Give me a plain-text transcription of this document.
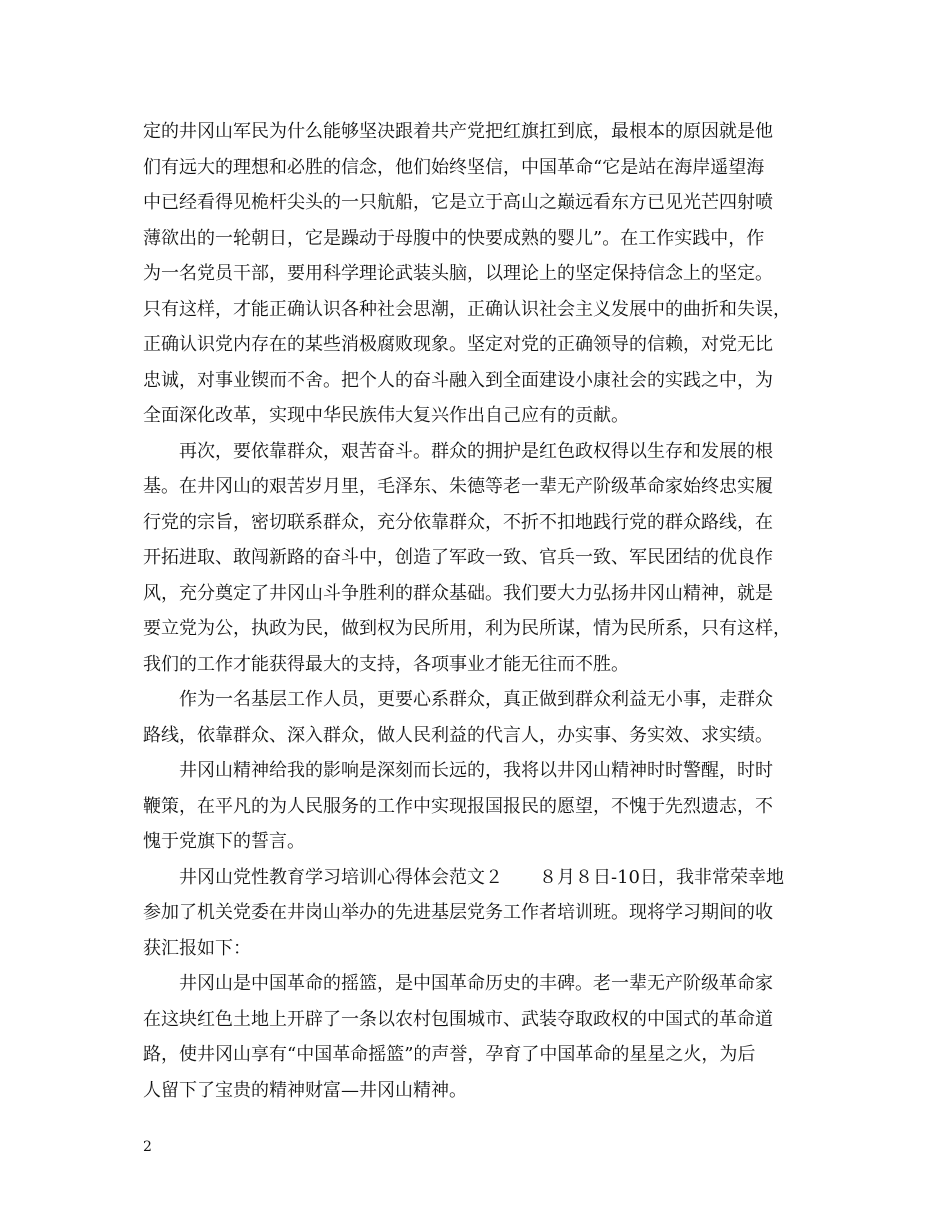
定的井冈山军民为什么能够坚决跟着共产党把红旗扛到底，最根本的原因就是他
们有远大的理想和必胜的信念，他们始终坚信，中国革命“它是站在海岸遥望海
中已经看得见桅杆尖头的一只航船，它是立于高山之巅远看东方已见光芒四射喷
薄欲出的一轮朝日，它是躁动于母腹中的快要成熟的婴儿”。在工作实践中，作
为一名党员干部，要用科学理论武装头脑，以理论上的坚定保持信念上的坚定。
只有这样，才能正确认识各种社会思潮，正确认识社会主义发展中的曲折和失误，
正确认识党内存在的某些消极腐败现象。坚定对党的正确领导的信赖，对党无比
忠诚，对事业锲而不舍。把个人的奋斗融入到全面建设小康社会的实践之中，为
全面深化改革，实现中华民族伟大复兴作出自己应有的贡献。
　　再次，要依靠群众，艰苦奋斗。群众的拥护是红色政权得以生存和发展的根
基。在井冈山的艰苦岁月里，毛泽东、朱德等老一辈无产阶级革命家始终忠实履
行党的宗旨，密切联系群众，充分依靠群众，不折不扣地践行党的群众路线，在
开拓进取、敢闯新路的奋斗中，创造了军政一致、官兵一致、军民团结的优良作
风，充分奠定了井冈山斗争胜利的群众基础。我们要大力弘扬井冈山精神，就是
要立党为公，执政为民，做到权为民所用，利为民所谋，情为民所系，只有这样，
我们的工作才能获得最大的支持，各项事业才能无往而不胜。
　　作为一名基层工作人员，更要心系群众，真正做到群众利益无小事，走群众
路线，依靠群众、深入群众，做人民利益的代言人，办实事、务实效、求实绩。
　　井冈山精神给我的影响是深刻而长远的，我将以井冈山精神时时警醒，时时
鞭策，在平凡的为人民服务的工作中实现报国报民的愿望，不愧于先烈遗志，不
愧于党旗下的誓言。
　　井冈山党性教育学习培训心得体会范文２　　８月８日-10日，我非常荣幸地
参加了机关党委在井岗山举办的先进基层党务工作者培训班。现将学习期间的收
获汇报如下：
　　井冈山是中国革命的摇篮，是中国革命历史的丰碑。老一辈无产阶级革命家
在这块红色土地上开辟了一条以农村包围城市、武装夺取政权的中国式的革命道
路，使井冈山享有“中国革命摇篮”的声誉，孕育了中国革命的星星之火，为后
人留下了宝贵的精神财富—井冈山精神。
2
